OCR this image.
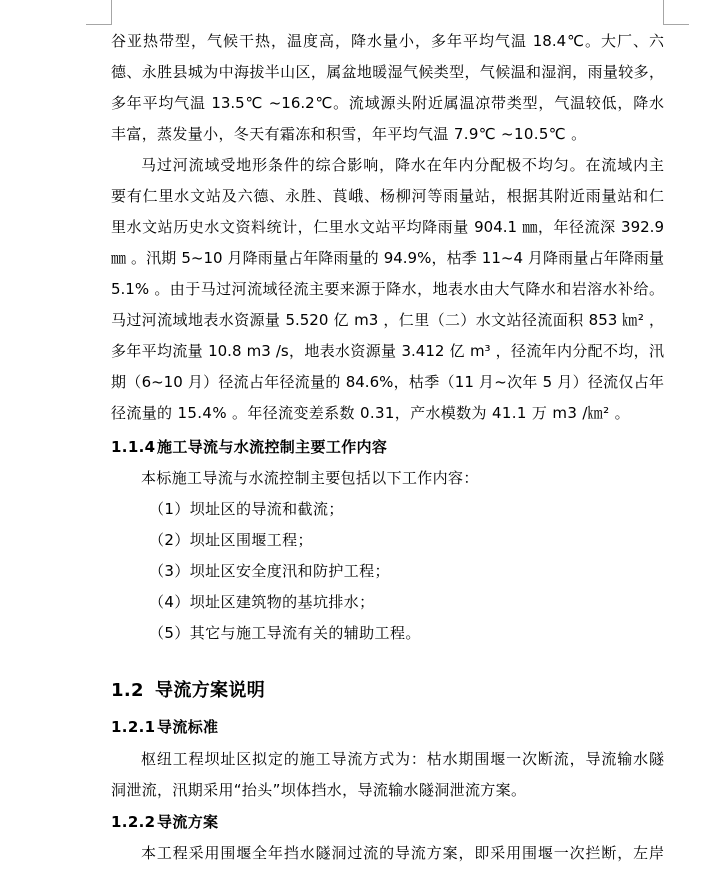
谷亚热带型，气候干热，温度高，降水量小，多年平均气温 18.4℃。大厂、六
德、永胜县城为中海拔半山区，属盆地暖湿气候类型，气候温和湿润，雨量较多，
多年平均气温 13.5℃ ~16.2℃。流域源头附近属温凉带类型，气温较低，降水
丰富，蒸发量小，冬天有霜冻和积雪，年平均气温 7.9℃ ~10.5℃ 。
马过河流域受地形条件的综合影响，降水在年内分配极不均匀。在流域内主
要有仁里水文站及六德、永胜、莨峨、杨柳河等雨量站，根据其附近雨量站和仁
里水文站历史水文资料统计，仁里水文站平均降雨量 904.1 ㎜，年径流深 392.9
㎜ 。汛期 5~10 月降雨量占年降雨量的 94.9%，枯季 11~4 月降雨量占年降雨量
5.1% 。由于马过河流域径流主要来源于降水，地表水由大气降水和岩溶水补给。
马过河流域地表水资源量 5.520 亿 m3 ，仁里（二）水文站径流面积 853 ㎞² ，
多年平均流量 10.8 m3 /s，地表水资源量 3.412 亿 m³ ，径流年内分配不均，汛
期（6~10 月）径流占年径流量的 84.6%，枯季（11 月~次年 5 月）径流仅占年
径流量的 15.4% 。年径流变差系数 0.31，产水模数为 41.1 万 m3 /㎞² 。
1.1.4 施工导流与水流控制主要工作内容
本标施工导流与水流控制主要包括以下工作内容：
（1）坝址区的导流和截流；
（2）坝址区围堰工程；
（3）坝址区安全度汛和防护工程；
（4）坝址区建筑物的基坑排水；
（5）其它与施工导流有关的辅助工程。
1.2 导流方案说明
1.2.1 导流标准
枢纽工程坝址区拟定的施工导流方式为：枯水期围堰一次断流，导流输水隧
洞泄流，汛期采用“抬头”坝体挡水，导流输水隧洞泄流方案。
1.2.2 导流方案
本工程采用围堰全年挡水隧洞过流的导流方案，即采用围堰一次拦断，左岸
